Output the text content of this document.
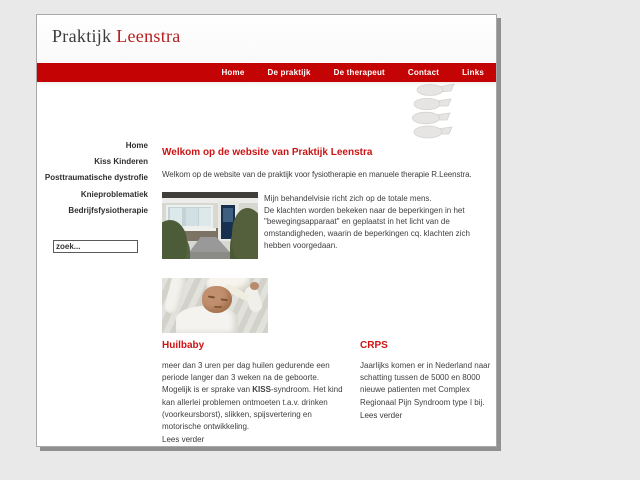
Praktijk Leenstra
Home	De praktijk	De therapeut	Contact	Links
Home
Kiss Kinderen
Posttraumatische dystrofie
Knieproblematiek
Bedrijfsfysiotherapie
zoek...
Welkom op de website van Praktijk Leenstra

Welkom op de website van de praktijk voor fysiotherapie en manuele therapie R.Leenstra.

Mijn behandelvisie richt zich op de totale mens.
De klachten worden bekeken naar de beperkingen in het "bewegingsapparaat" en geplaatst in het licht van de omstandigheden, waarin de beperkingen cq. klachten zich hebben voorgedaan.

Huilbaby

meer dan 3 uren per dag huilen gedurende een periode langer dan 3 weken na de geboorte. Mogelijk is er sprake van KISS-syndroom. Het kind kan allerlei problemen ontmoeten t.a.v. drinken (voorkeursborst), slikken, spijsvertering en motorische ontwikkeling.

Lees verder
CRPS

Jaarlijks komen er in Nederland naar schatting tussen de 5000 en 8000 nieuwe patienten met Complex Regionaal Pijn Syndroom type I bij.

Lees verder
